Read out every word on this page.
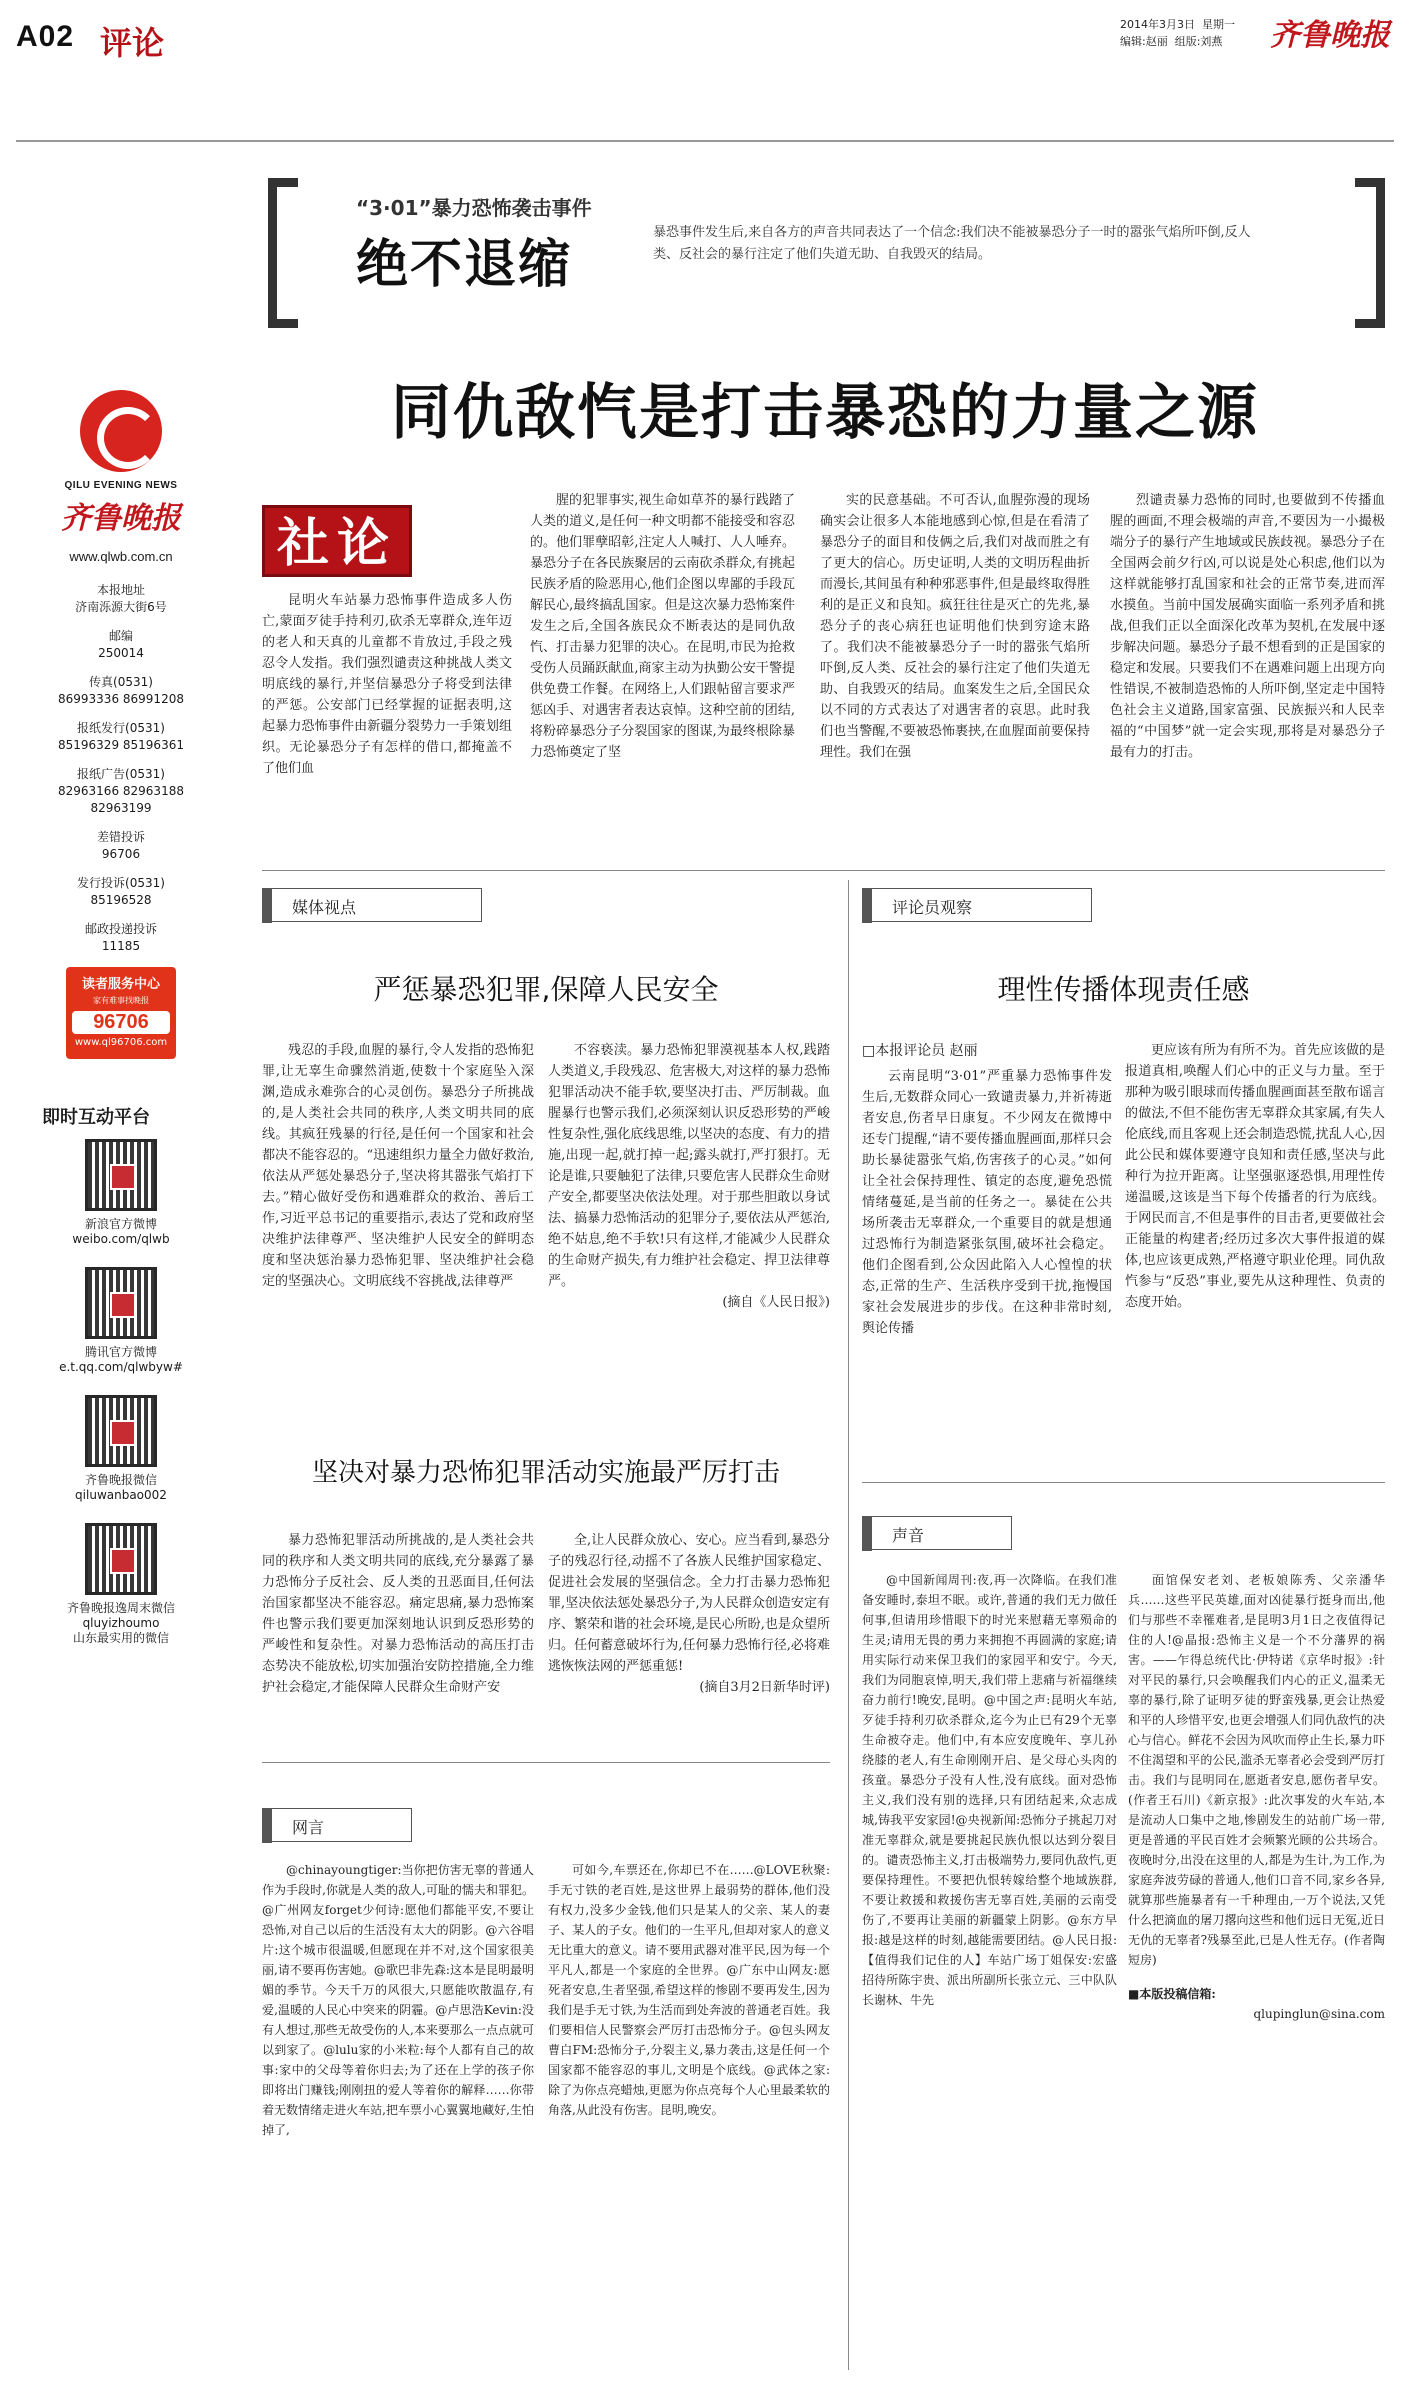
A02 评论	2014年3月3日 星期一
编辑:赵丽 组版:刘燕	齐鲁晚报
QILU EVENING NEWS
齐鲁晚报
www.qlwb.com.cn
本报地址
济南泺源大街6号
邮编
250014
传真(0531)
86993336 86991208
报纸发行(0531)
85196329 85196361
报纸广告(0531)
82963166 82963188 82963199
差错投诉
96706
发行投诉(0531)
85196528
邮政投递投诉
11185
读者服务中心
家有难事找晚报
96706
www.ql96706.com
即时互动平台
新浪官方微博
weibo.com/qlwb
腾讯官方微博
e.t.qq.com/qlwbyw#
齐鲁晚报微信
qiluwanbao002
齐鲁晚报逸周末微信
qluyizhoumo
山东最实用的微信
“3·01”暴力恐怖袭击事件
绝不退缩
暴恐事件发生后,来自各方的声音共同表达了一个信念:我们决不能被暴恐分子一时的嚣张气焰所吓倒,反人类、反社会的暴行注定了他们失道无助、自我毁灭的结局。
同仇敌忾是打击暴恐的力量之源
社论

昆明火车站暴力恐怖事件造成多人伤亡,蒙面歹徒手持利刃,砍杀无辜群众,连年迈的老人和天真的儿童都不肯放过,手段之残忍令人发指。我们强烈谴责这种挑战人类文明底线的暴行,并坚信暴恐分子将受到法律的严惩。公安部门已经掌握的证据表明,这起暴力恐怖事件由新疆分裂势力一手策划组织。无论暴恐分子有怎样的借口,都掩盖不了他们血

腥的犯罪事实,视生命如草芥的暴行践踏了人类的道义,是任何一种文明都不能接受和容忍的。他们罪孽昭彰,注定人人喊打、人人唾弃。暴恐分子在各民族聚居的云南砍杀群众,有挑起民族矛盾的险恶用心,他们企图以卑鄙的手段瓦解民心,最终搞乱国家。但是这次暴力恐怖案件发生之后,全国各族民众不断表达的是同仇敌忾、打击暴力犯罪的决心。在昆明,市民为抢救受伤人员踊跃献血,商家主动为执勤公安干警提供免费工作餐。在网络上,人们跟帖留言要求严惩凶手、对遇害者表达哀悼。这种空前的团结,将粉碎暴恐分子分裂国家的图谋,为最终根除暴力恐怖奠定了坚

实的民意基础。不可否认,血腥弥漫的现场确实会让很多人本能地感到心惊,但是在看清了暴恐分子的面目和伎俩之后,我们对战而胜之有了更大的信心。历史证明,人类的文明历程曲折而漫长,其间虽有种种邪恶事件,但是最终取得胜利的是正义和良知。疯狂往往是灭亡的先兆,暴恐分子的丧心病狂也证明他们快到穷途末路了。我们决不能被暴恐分子一时的嚣张气焰所吓倒,反人类、反社会的暴行注定了他们失道无助、自我毁灭的结局。血案发生之后,全国民众以不同的方式表达了对遇害者的哀思。此时我们也当警醒,不要被恐怖裹挟,在血腥面前要保持理性。我们在强

烈谴责暴力恐怖的同时,也要做到不传播血腥的画面,不理会极端的声音,不要因为一小撮极端分子的暴行产生地域或民族歧视。暴恐分子在全国两会前夕行凶,可以说是处心积虑,他们以为这样就能够打乱国家和社会的正常节奏,进而浑水摸鱼。当前中国发展确实面临一系列矛盾和挑战,但我们正以全面深化改革为契机,在发展中逐步解决问题。暴恐分子最不想看到的正是国家的稳定和发展。只要我们不在遇难问题上出现方向性错误,不被制造恐怖的人所吓倒,坚定走中国特色社会主义道路,国家富强、民族振兴和人民幸福的“中国梦”就一定会实现,那将是对暴恐分子最有力的打击。

媒体视点
严惩暴恐犯罪,保障人民安全

残忍的手段,血腥的暴行,令人发指的恐怖犯罪,让无辜生命骤然消逝,使数十个家庭坠入深渊,造成永难弥合的心灵创伤。暴恐分子所挑战的,是人类社会共同的秩序,人类文明共同的底线。其疯狂残暴的行径,是任何一个国家和社会都决不能容忍的。“迅速组织力量全力做好救治,依法从严惩处暴恐分子,坚决将其嚣张气焰打下去。”精心做好受伤和遇难群众的救治、善后工作,习近平总书记的重要指示,表达了党和政府坚决维护法律尊严、坚决维护人民安全的鲜明态度和坚决惩治暴力恐怖犯罪、坚决维护社会稳定的坚强决心。文明底线不容挑战,法律尊严

不容亵渎。暴力恐怖犯罪漠视基本人权,践踏人类道义,手段残忍、危害极大,对这样的暴力恐怖犯罪活动决不能手软,要坚决打击、严厉制裁。血腥暴行也警示我们,必须深刻认识反恐形势的严峻性复杂性,强化底线思维,以坚决的态度、有力的措施,出现一起,就打掉一起;露头就打,严打狠打。无论是谁,只要触犯了法律,只要危害人民群众生命财产安全,都要坚决依法处理。对于那些胆敢以身试法、搞暴力恐怖活动的犯罪分子,要依法从严惩治,绝不姑息,绝不手软!只有这样,才能减少人民群众的生命财产损失,有力维护社会稳定、捍卫法律尊严。

(摘自《人民日报》)
坚决对暴力恐怖犯罪活动实施最严厉打击

暴力恐怖犯罪活动所挑战的,是人类社会共同的秩序和人类文明共同的底线,充分暴露了暴力恐怖分子反社会、反人类的丑恶面目,任何法治国家都坚决不能容忍。痛定思痛,暴力恐怖案件也警示我们要更加深刻地认识到反恐形势的严峻性和复杂性。对暴力恐怖活动的高压打击态势决不能放松,切实加强治安防控措施,全力维护社会稳定,才能保障人民群众生命财产安

全,让人民群众放心、安心。应当看到,暴恐分子的残忍行径,动摇不了各族人民维护国家稳定、促进社会发展的坚强信念。全力打击暴力恐怖犯罪,坚决依法惩处暴恐分子,为人民群众创造安定有序、繁荣和谐的社会环境,是民心所盼,也是众望所归。任何蓄意破坏行为,任何暴力恐怖行径,必将难逃恢恢法网的严惩重惩!

(摘自3月2日新华时评)
评论员观察
理性传播体现责任感
□本报评论员 赵丽

云南昆明“3·01”严重暴力恐怖事件发生后,无数群众同心一致谴责暴力,并祈祷逝者安息,伤者早日康复。不少网友在微博中还专门提醒,“请不要传播血腥画面,那样只会助长暴徒嚣张气焰,伤害孩子的心灵。”如何让全社会保持理性、镇定的态度,避免恐慌情绪蔓延,是当前的任务之一。暴徒在公共场所袭击无辜群众,一个重要目的就是想通过恐怖行为制造紧张氛围,破坏社会稳定。他们企图看到,公众因此陷入人心惶惶的状态,正常的生产、生活秩序受到干扰,拖慢国家社会发展进步的步伐。在这种非常时刻,舆论传播

更应该有所为有所不为。首先应该做的是报道真相,唤醒人们心中的正义与力量。至于那种为吸引眼球而传播血腥画面甚至散布谣言的做法,不但不能伤害无辜群众其家属,有失人伦底线,而且客观上还会制造恐慌,扰乱人心,因此公民和媒体要遵守良知和责任感,坚决与此种行为拉开距离。让坚强驱逐恐惧,用理性传递温暖,这该是当下每个传播者的行为底线。于网民而言,不但是事件的目击者,更要做社会正能量的构建者;经历过多次大事件报道的媒体,也应该更成熟,严格遵守职业伦理。同仇敌忾参与“反恐”事业,要先从这种理性、负责的态度开始。

网言

@chinayoungtiger:当你把仿害无辜的普通人作为手段时,你就是人类的敌人,可耻的懦夫和罪犯。@广州网友forget少何诗:愿他们都能平安,不要让恐怖,对自己以后的生活没有太大的阴影。@六谷唱片:这个城市很温暖,但愿现在并不对,这个国家很美丽,请不要再伤害她。@歌巴非先森:这本是昆明最明媚的季节。今天千万的风很大,只愿能吹散温存,有爱,温暖的人民心中突来的阴霾。@卢思浩Kevin:没有人想过,那些无故受伤的人,本来要那么一点点就可以到家了。@lulu家的小米粒:每个人都有自己的故事:家中的父母等着你归去;为了还在上学的孩子你即将出门赚钱;刚刚扭的爱人等着你的解释……你带着无数情绪走进火车站,把车票小心翼翼地藏好,生怕掉了,

可如今,车票还在,你却已不在……@LOVE秋聚:手无寸铁的老百姓,是这世界上最弱势的群体,他们没有权力,没多少金钱,他们只是某人的父亲、某人的妻子、某人的子女。他们的一生平凡,但却对家人的意义无比重大的意义。请不要用武器对准平民,因为每一个平凡人,都是一个家庭的全世界。@广东中山网友:愿死者安息,生者坚强,希望这样的惨剧不要再发生,因为我们是手无寸铁,为生活而到处奔波的普通老百姓。我们要相信人民警察会严厉打击恐怖分子。@包头网友曹白FM:恐怖分子,分裂主义,暴力袭击,这是任何一个国家都不能容忍的事儿,文明是个底线。@武体之家:除了为你点亮蜡烛,更愿为你点亮每个人心里最柔软的角落,从此没有伤害。昆明,晚安。

声音

@中国新闻周刊:夜,再一次降临。在我们准备安睡时,泰坦不眠。或许,普通的我们无力做任何事,但请用珍惜眼下的时光来慰藉无辜殒命的生灵;请用无畏的勇力来拥抱不再圆满的家庭;请用实际行动来保卫我们的家园平和安宁。今天,我们为同胞哀悼,明天,我们带上悲痛与祈福继续奋力前行!晚安,昆明。@中国之声:昆明火车站,歹徒手持利刃砍杀群众,迄今为止已有29个无辜生命被夺走。他们中,有本应安度晚年、享儿孙绕膝的老人,有生命刚刚开启、是父母心头肉的孩童。暴恐分子没有人性,没有底线。面对恐怖主义,我们没有别的选择,只有团结起来,众志成城,铸我平安家园!@央视新闻:恐怖分子挑起刀对准无辜群众,就是要挑起民族仇恨以达到分裂目的。谴责恐怖主义,打击极端势力,要同仇敌忾,更要保持理性。不要把仇恨转嫁给整个地域族群,不要让救援和救援伤害无辜百姓,美丽的云南受伤了,不要再让美丽的新疆蒙上阴影。@东方早报:越是这样的时刻,越能需要团结。@人民日报:【值得我们记住的人】车站广场丁姐保安:宏盛招待所陈宇贵、派出所副所长张立元、三中队队长谢林、牛先

面馆保安老刘、老板娘陈秀、父亲潘华兵……这些平民英雄,面对凶徒暴行挺身而出,他们与那些不幸罹难者,是昆明3月1日之夜值得记住的人!@晶报:恐怖主义是一个不分藩界的祸害。——乍得总统代比·伊特诺《京华时报》:针对平民的暴行,只会唤醒我们内心的正义,温柔无辜的暴行,除了证明歹徒的野蛮残暴,更会让热爱和平的人珍惜平安,也更会增强人们同仇敌忾的决心与信心。鲜花不会因为风吹而停止生长,暴力吓不住渴望和平的公民,滥杀无辜者必会受到严厉打击。我们与昆明同在,愿逝者安息,愿伤者早安。(作者王石川)《新京报》:此次事发的火车站,本是流动人口集中之地,惨剧发生的站前广场一带,更是普通的平民百姓才会频繁光顾的公共场合。夜晚时分,出没在这里的人,都是为生计,为工作,为家庭奔波劳碌的普通人,他们口音不同,家乡各异,就算那些施暴者有一千种理由,一万个说法,又凭什么把滴血的屠刀撂向这些和他们远日无冤,近日无仇的无辜者?残暴至此,已是人性无存。(作者陶短房)

■本版投稿信箱:
qlupinglun@sina.com
